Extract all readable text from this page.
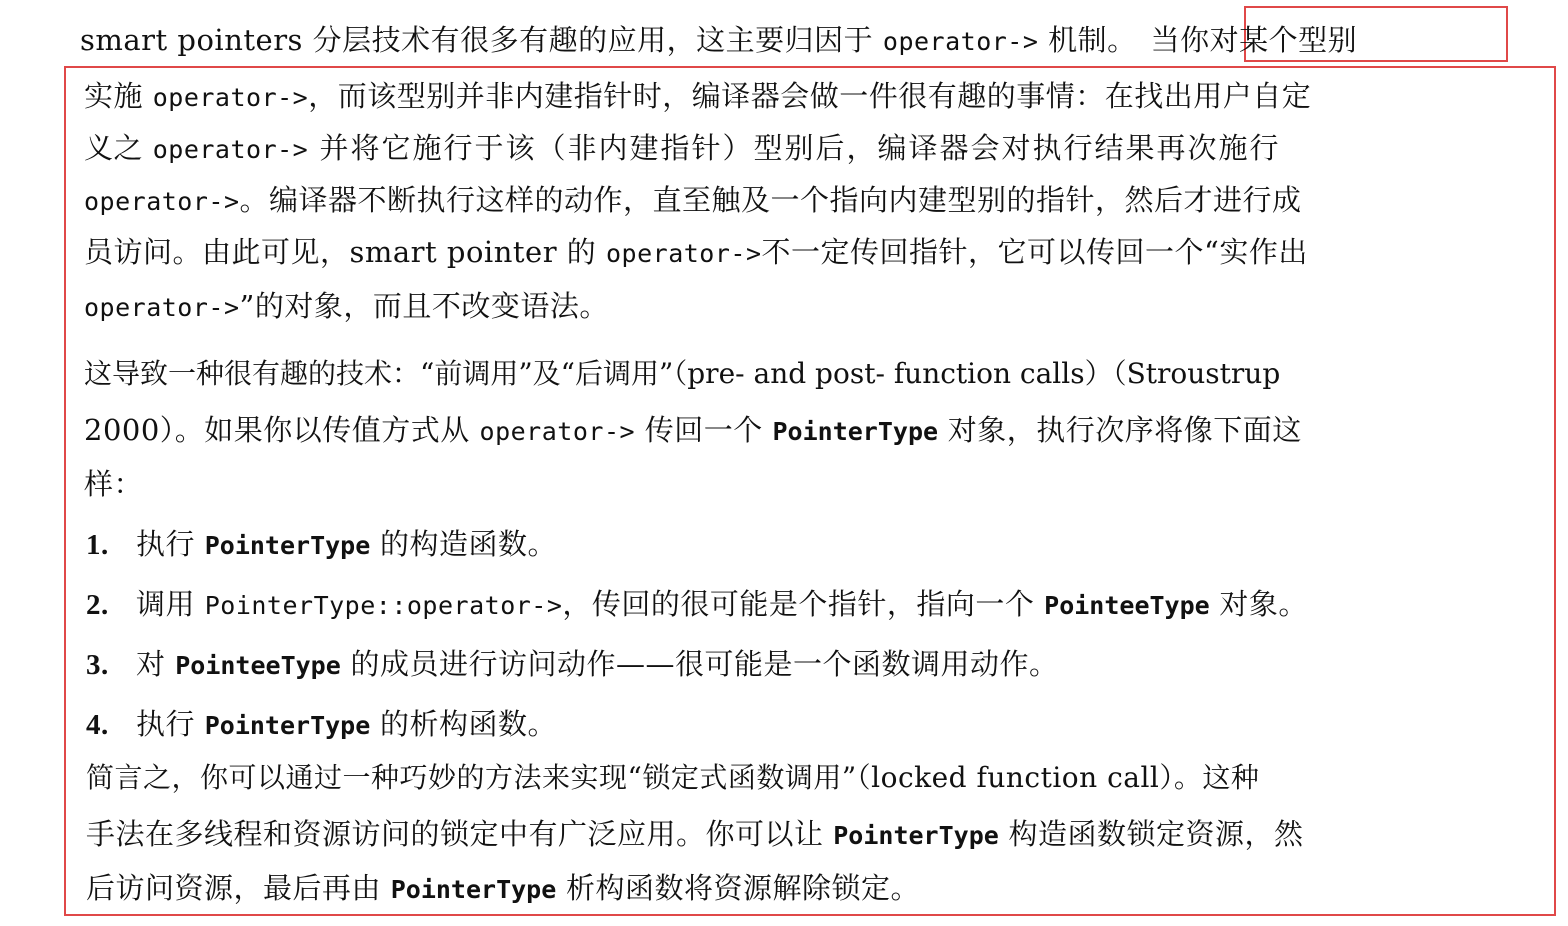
smart pointers 分层技术有很多有趣的应用，这主要归因于 operator-> 机制。 当你对某个型别
实施 operator->，而该型别并非内建指针时，编译器会做一件很有趣的事情：在找出用户自定
义之 operator-> 并将它施行于该（非内建指针）型别后，编译器会对执行结果再次施行
operator->。编译器不断执行这样的动作，直至触及一个指向内建型别的指针，然后才进行成
员访问。由此可见，smart pointer 的 operator->不一定传回指针，它可以传回一个“实作出
operator->”的对象，而且不改变语法。
这导致一种很有趣的技术：“前调用”及“后调用”（pre- and post- function calls）（Stroustrup
2000）。如果你以传值方式从 operator-> 传回一个 PointerType 对象，执行次序将像下面这
样：
1. 执行 PointerType 的构造函数。
2. 调用 PointerType::operator->，传回的很可能是个指针，指向一个 PointeeType 对象。
3. 对 PointeeType 的成员进行访问动作——很可能是一个函数调用动作。
4. 执行 PointerType 的析构函数。
简言之，你可以通过一种巧妙的方法来实现“锁定式函数调用”（locked function call）。这种
手法在多线程和资源访问的锁定中有广泛应用。你可以让 PointerType 构造函数锁定资源，然
后访问资源，最后再由 PointerType 析构函数将资源解除锁定。
